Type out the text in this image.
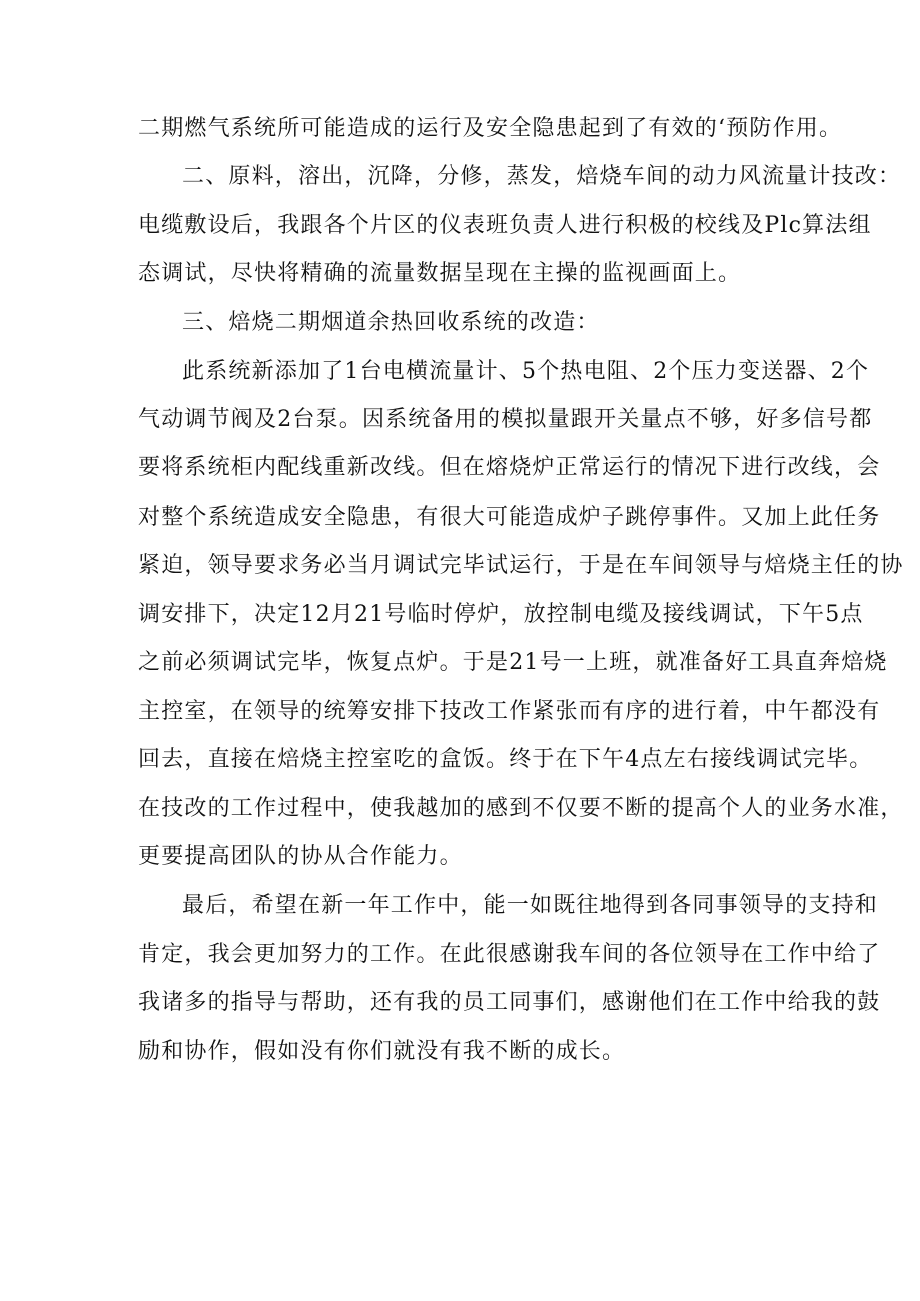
二期燃气系统所可能造成的运行及安全隐患起到了有效的‘预防作用。
二、原料，溶出，沉降，分修，蒸发，焙烧车间的动力风流量计技改：
电缆敷设后，我跟各个片区的仪表班负责人进行积极的校线及Plc算法组
态调试，尽快将精确的流量数据呈现在主操的监视画面上。
三、焙烧二期烟道余热回收系统的改造：
此系统新添加了1台电横流量计、5个热电阻、2个压力变送器、2个
气动调节阀及2台泵。因系统备用的模拟量跟开关量点不够，好多信号都
要将系统柜内配线重新改线。但在熔烧炉正常运行的情况下进行改线，会
对整个系统造成安全隐患，有很大可能造成炉子跳停事件。又加上此任务
紧迫，领导要求务必当月调试完毕试运行，于是在车间领导与焙烧主任的协
调安排下，决定12月21号临时停炉，放控制电缆及接线调试，下午5点
之前必须调试完毕，恢复点炉。于是21号一上班，就准备好工具直奔焙烧
主控室，在领导的统筹安排下技改工作紧张而有序的进行着，中午都没有
回去，直接在焙烧主控室吃的盒饭。终于在下午4点左右接线调试完毕。
在技改的工作过程中，使我越加的感到不仅要不断的提高个人的业务水准，
更要提高团队的协从合作能力。
最后，希望在新一年工作中，能一如既往地得到各同事领导的支持和
肯定，我会更加努力的工作。在此很感谢我车间的各位领导在工作中给了
我诸多的指导与帮助，还有我的员工同事们，感谢他们在工作中给我的鼓
励和协作，假如没有你们就没有我不断的成长。
